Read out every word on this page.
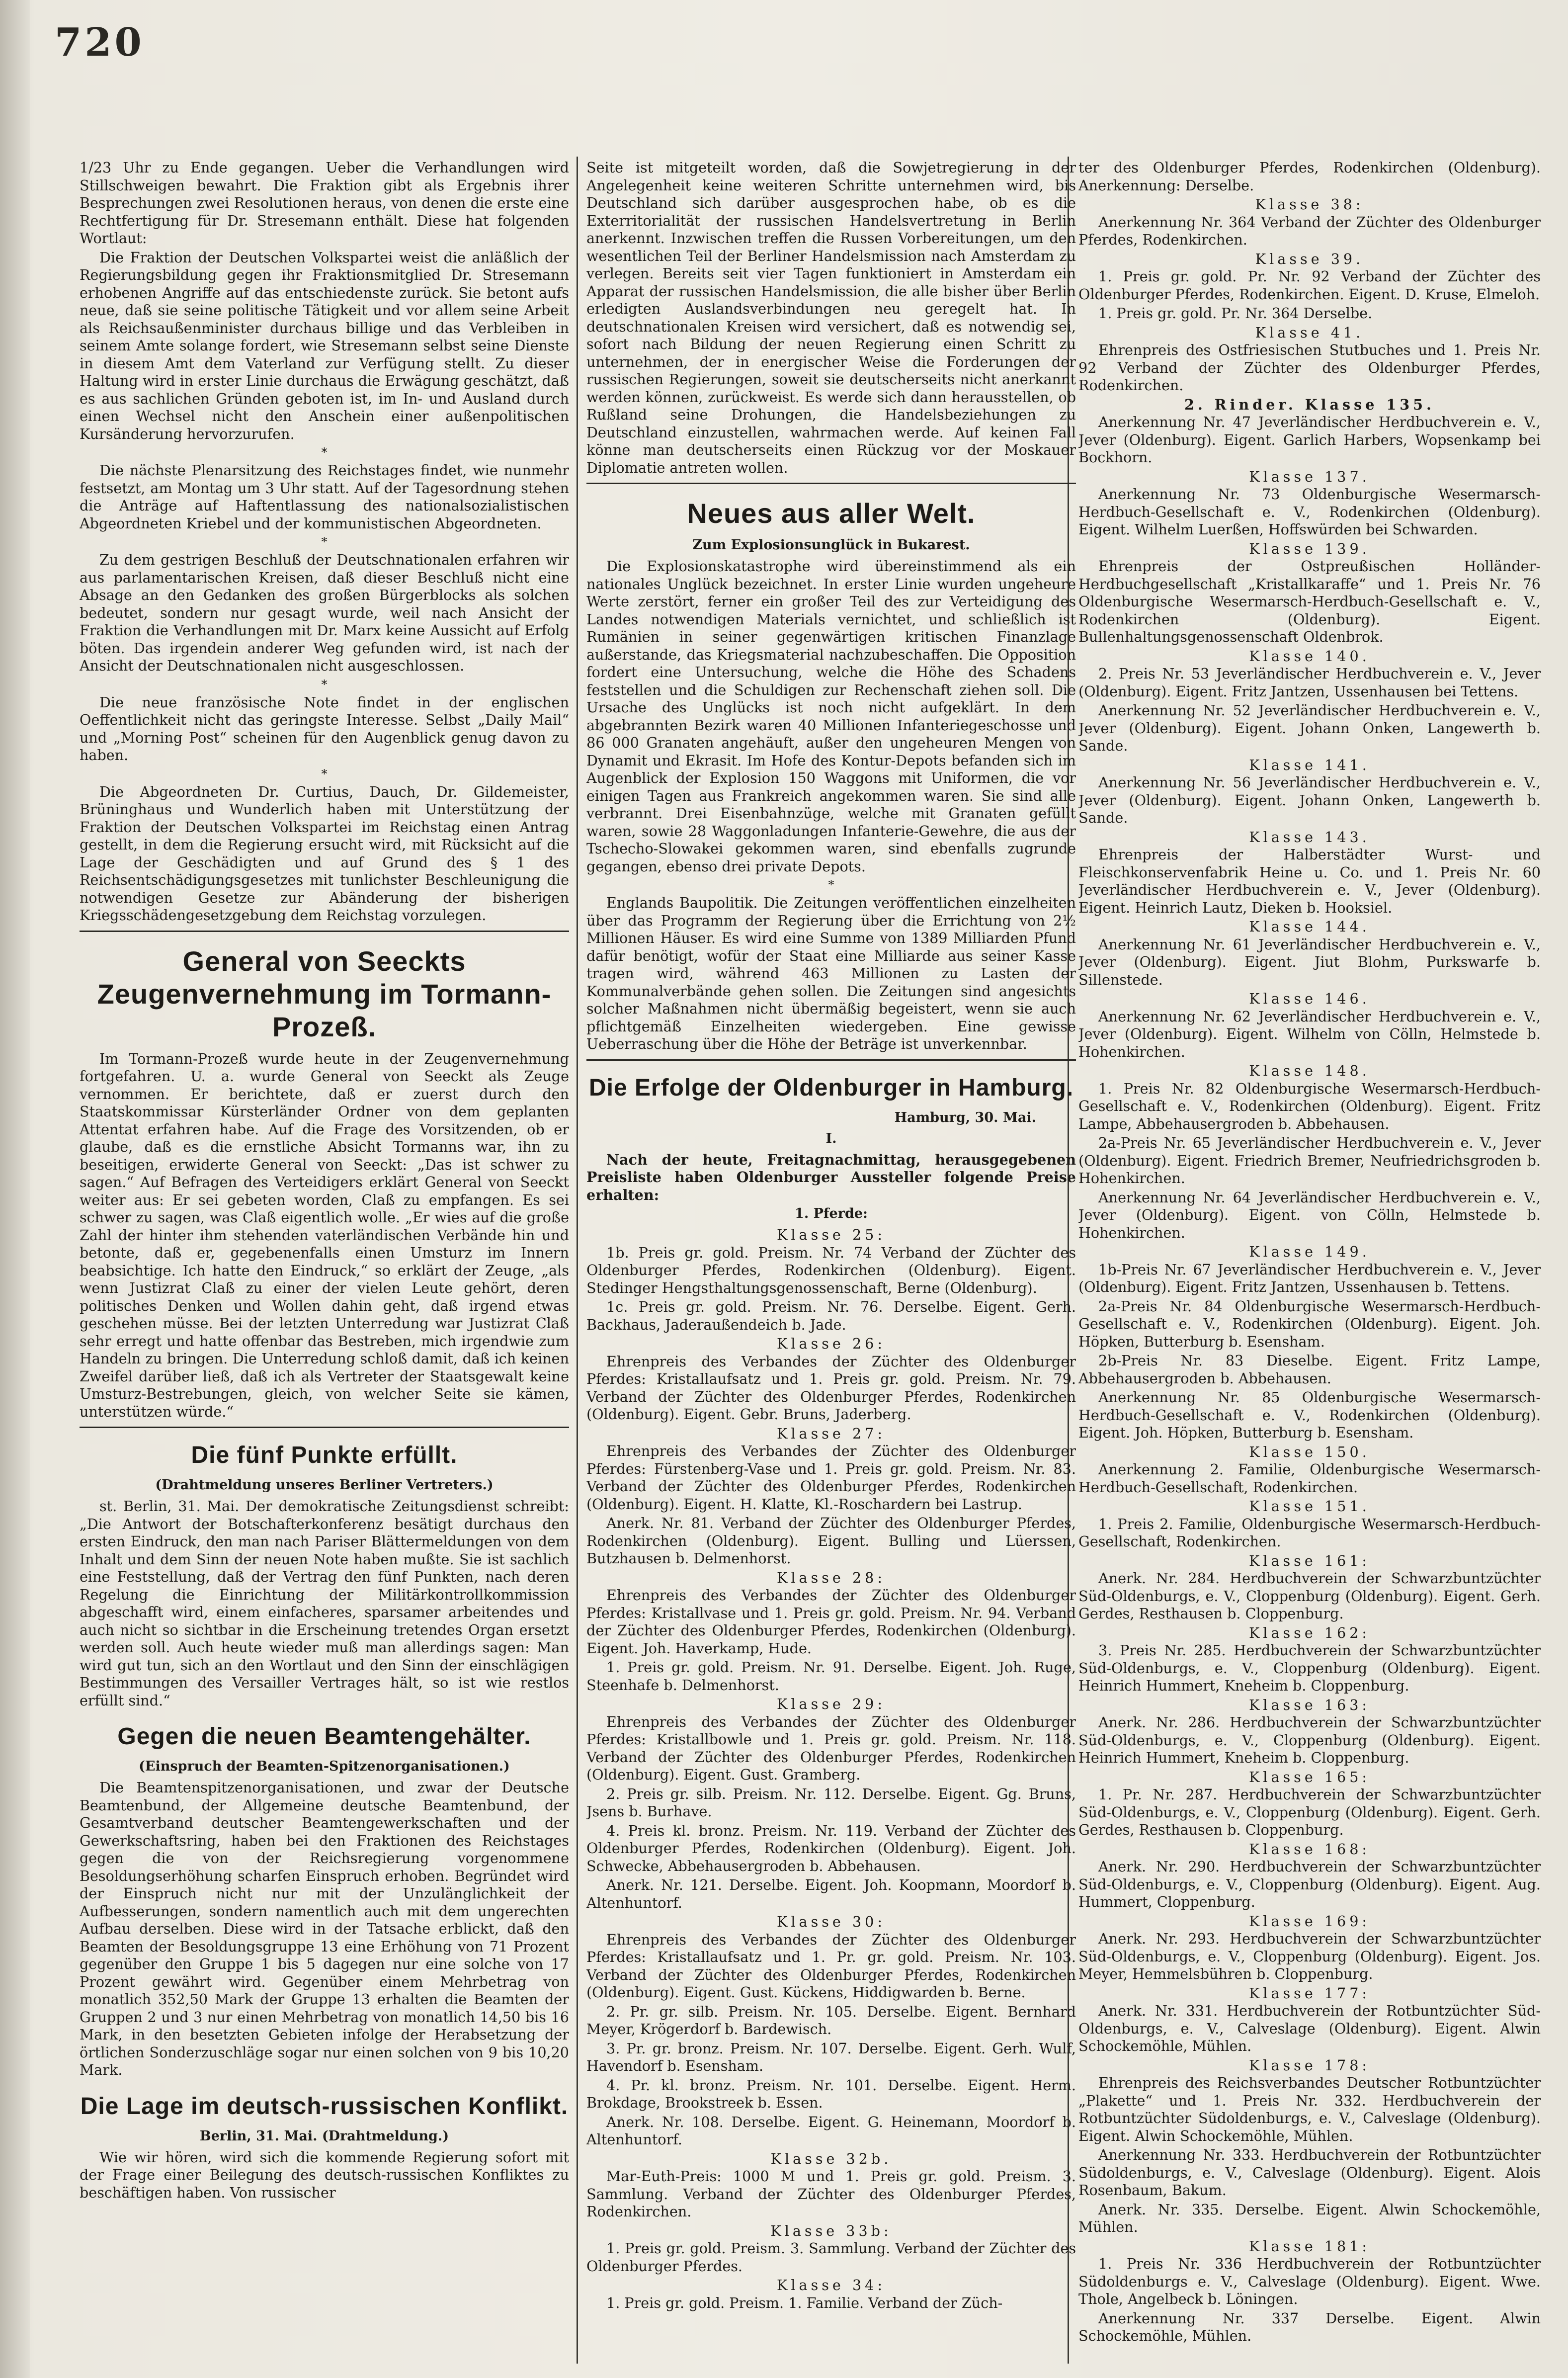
720

1/23 Uhr zu Ende gegangen. Ueber die Verhandlungen wird Stillschweigen bewahrt. Die Fraktion gibt als Ergebnis ihrer Besprechungen zwei Resolutionen heraus, von denen die erste eine Rechtfertigung für Dr. Stresemann enthält. Diese hat folgenden Wortlaut:

Die Fraktion der Deutschen Volkspartei weist die anläßlich der Regierungsbildung gegen ihr Fraktionsmitglied Dr. Stresemann erhobenen Angriffe auf das entschiedenste zurück. Sie betont aufs neue, daß sie seine politische Tätigkeit und vor allem seine Arbeit als Reichsaußenminister durchaus billige und das Verbleiben in seinem Amte solange fordert, wie Stresemann selbst seine Dienste in diesem Amt dem Vaterland zur Verfügung stellt. Zu dieser Haltung wird in erster Linie durchaus die Erwägung geschätzt, daß es aus sachlichen Gründen geboten ist, im In- und Ausland durch einen Wechsel nicht den Anschein einer außenpolitischen Kursänderung hervorzurufen.

*

Die nächste Plenarsitzung des Reichstages findet, wie nunmehr festsetzt, am Montag um 3 Uhr statt. Auf der Tagesordnung stehen die Anträge auf Haftentlassung des nationalsozialistischen Abgeordneten Kriebel und der kommunistischen Abgeordneten.

*

Zu dem gestrigen Beschluß der Deutschnationalen erfahren wir aus parlamentarischen Kreisen, daß dieser Beschluß nicht eine Absage an den Gedanken des großen Bürgerblocks als solchen bedeutet, sondern nur gesagt wurde, weil nach Ansicht der Fraktion die Verhandlungen mit Dr. Marx keine Aussicht auf Erfolg böten. Das irgendein anderer Weg gefunden wird, ist nach der Ansicht der Deutschnationalen nicht ausgeschlossen.

*

Die neue französische Note findet in der englischen Oeffentlichkeit nicht das geringste Interesse. Selbst „Daily Mail“ und „Morning Post“ scheinen für den Augenblick genug davon zu haben.

*

Die Abgeordneten Dr. Curtius, Dauch, Dr. Gildemeister, Brüninghaus und Wunderlich haben mit Unterstützung der Fraktion der Deutschen Volkspartei im Reichstag einen Antrag gestellt, in dem die Regierung ersucht wird, mit Rücksicht auf die Lage der Geschädigten und auf Grund des § 1 des Reichsentschädigungsgesetzes mit tunlichster Beschleunigung die notwendigen Gesetze zur Abänderung der bisherigen Kriegsschädengesetzgebung dem Reichstag vorzulegen.

General von Seeckts Zeugenvernehmung im Tormann-Prozeß.

Im Tormann-Prozeß wurde heute in der Zeugenvernehmung fortgefahren. U. a. wurde General von Seeckt als Zeuge vernommen. Er berichtete, daß er zuerst durch den Staatskommissar Kürsterländer Ordner von dem geplanten Attentat erfahren habe. Auf die Frage des Vorsitzenden, ob er glaube, daß es die ernstliche Absicht Tormanns war, ihn zu beseitigen, erwiderte General von Seeckt: „Das ist schwer zu sagen.“ Auf Befragen des Verteidigers erklärt General von Seeckt weiter aus: Er sei gebeten worden, Claß zu empfangen. Es sei schwer zu sagen, was Claß eigentlich wolle. „Er wies auf die große Zahl der hinter ihm stehenden vaterländischen Verbände hin und betonte, daß er, gegebenenfalls einen Umsturz im Innern beabsichtige. Ich hatte den Eindruck,“ so erklärt der Zeuge, „als wenn Justizrat Claß zu einer der vielen Leute gehört, deren politisches Denken und Wollen dahin geht, daß irgend etwas geschehen müsse. Bei der letzten Unterredung war Justizrat Claß sehr erregt und hatte offenbar das Bestreben, mich irgendwie zum Handeln zu bringen. Die Unterredung schloß damit, daß ich keinen Zweifel darüber ließ, daß ich als Vertreter der Staatsgewalt keine Umsturz-Bestrebungen, gleich, von welcher Seite sie kämen, unterstützen würde.“

Die fünf Punkte erfüllt.
(Drahtmeldung unseres Berliner Vertreters.)

st. Berlin, 31. Mai. Der demokratische Zeitungsdienst schreibt: „Die Antwort der Botschafterkonferenz besätigt durchaus den ersten Eindruck, den man nach Pariser Blättermeldungen von dem Inhalt und dem Sinn der neuen Note haben mußte. Sie ist sachlich eine Feststellung, daß der Vertrag den fünf Punkten, nach deren Regelung die Einrichtung der Militärkontrollkommission abgeschafft wird, einem einfacheres, sparsamer arbeitendes und auch nicht so sichtbar in die Erscheinung tretendes Organ ersetzt werden soll. Auch heute wieder muß man allerdings sagen: Man wird gut tun, sich an den Wortlaut und den Sinn der einschlägigen Bestimmungen des Versailler Vertrages hält, so ist wie restlos erfüllt sind.“

Gegen die neuen Beamtengehälter.
(Einspruch der Beamten-Spitzenorganisationen.)

Die Beamtenspitzenorganisationen, und zwar der Deutsche Beamtenbund, der Allgemeine deutsche Beamtenbund, der Gesamtverband deutscher Beamtengewerkschaften und der Gewerkschaftsring, haben bei den Fraktionen des Reichstages gegen die von der Reichsregierung vorgenommene Besoldungserhöhung scharfen Einspruch erhoben. Begründet wird der Einspruch nicht nur mit der Unzulänglichkeit der Aufbesserungen, sondern namentlich auch mit dem ungerechten Aufbau derselben. Diese wird in der Tatsache erblickt, daß den Beamten der Besoldungsgruppe 13 eine Erhöhung von 71 Prozent gegenüber den Gruppe 1 bis 5 dagegen nur eine solche von 17 Prozent gewährt wird. Gegenüber einem Mehrbetrag von monatlich 352,50 Mark der Gruppe 13 erhalten die Beamten der Gruppen 2 und 3 nur einen Mehrbetrag von monatlich 14,50 bis 16 Mark, in den besetzten Gebieten infolge der Herabsetzung der örtlichen Sonderzuschläge sogar nur einen solchen von 9 bis 10,20 Mark.

Die Lage im deutsch-russischen Konflikt.
Berlin, 31. Mai. (Drahtmeldung.)

Wie wir hören, wird sich die kommende Regierung sofort mit der Frage einer Beilegung des deutsch-russischen Konfliktes zu beschäftigen haben. Von russischer

Seite ist mitgeteilt worden, daß die Sowjetregierung in der Angelegenheit keine weiteren Schritte unternehmen wird, bis Deutschland sich darüber ausgesprochen habe, ob es die Exterritorialität der russischen Handelsvertretung in Berlin anerkennt. Inzwischen treffen die Russen Vorbereitungen, um den wesentlichen Teil der Berliner Handelsmission nach Amsterdam zu verlegen. Bereits seit vier Tagen funktioniert in Amsterdam ein Apparat der russischen Handelsmission, die alle bisher über Berlin erledigten Auslandsverbindungen neu geregelt hat. In deutschnationalen Kreisen wird versichert, daß es notwendig sei, sofort nach Bildung der neuen Regierung einen Schritt zu unternehmen, der in energischer Weise die Forderungen der russischen Regierungen, soweit sie deutscherseits nicht anerkannt werden können, zurückweist. Es werde sich dann herausstellen, ob Rußland seine Drohungen, die Handelsbeziehungen zu Deutschland einzustellen, wahrmachen werde. Auf keinen Fall könne man deutscherseits einen Rückzug vor der Moskauer Diplomatie antreten wollen.

Neues aus aller Welt.
Zum Explosionsunglück in Bukarest.

Die Explosionskatastrophe wird übereinstimmend als ein nationales Unglück bezeichnet. In erster Linie wurden ungeheure Werte zerstört, ferner ein großer Teil des zur Verteidigung des Landes notwendigen Materials vernichtet, und schließlich ist Rumänien in seiner gegenwärtigen kritischen Finanzlage außerstande, das Kriegsmaterial nachzubeschaffen. Die Opposition fordert eine Untersuchung, welche die Höhe des Schadens feststellen und die Schuldigen zur Rechenschaft ziehen soll. Die Ursache des Unglücks ist noch nicht aufgeklärt. In dem abgebrannten Bezirk waren 40 Millionen Infanteriegeschosse und 86 000 Granaten angehäuft, außer den ungeheuren Mengen von Dynamit und Ekrasit. Im Hofe des Kontur-Depots befanden sich im Augenblick der Explosion 150 Waggons mit Uniformen, die vor einigen Tagen aus Frankreich angekommen waren. Sie sind alle verbrannt. Drei Eisenbahnzüge, welche mit Granaten gefüllt waren, sowie 28 Waggonladungen Infanterie-Gewehre, die aus der Tschecho-Slowakei gekommen waren, sind ebenfalls zugrunde gegangen, ebenso drei private Depots.

*

Englands Baupolitik. Die Zeitungen veröffentlichen einzelheiten über das Programm der Regierung über die Errichtung von 2½ Millionen Häuser. Es wird eine Summe von 1389 Milliarden Pfund dafür benötigt, wofür der Staat eine Milliarde aus seiner Kasse tragen wird, während 463 Millionen zu Lasten der Kommunalverbände gehen sollen. Die Zeitungen sind angesichts solcher Maßnahmen nicht übermäßig begeistert, wenn sie auch pflichtgemäß Einzelheiten wiedergeben. Eine gewisse Ueberraschung über die Höhe der Beträge ist unverkennbar.

Die Erfolge der Oldenburger in Hamburg.
Hamburg, 30. Mai.
I.

Nach der heute, Freitagnachmittag, herausgegebenen Preisliste haben Oldenburger Aussteller folgende Preise erhalten:

1. Pferde:
Klasse 25:

1b. Preis gr. gold. Preism. Nr. 74 Verband der Züchter des Oldenburger Pferdes, Rodenkirchen (Oldenburg). Eigent. Stedinger Hengsthaltungsgenossenschaft, Berne (Oldenburg).

1c. Preis gr. gold. Preism. Nr. 76. Derselbe. Eigent. Gerh. Backhaus, Jaderaußendeich b. Jade.

Klasse 26:

Ehrenpreis des Verbandes der Züchter des Oldenburger Pferdes: Kristallaufsatz und 1. Preis gr. gold. Preism. Nr. 79. Verband der Züchter des Oldenburger Pferdes, Rodenkirchen (Oldenburg). Eigent. Gebr. Bruns, Jaderberg.

Klasse 27:

Ehrenpreis des Verbandes der Züchter des Oldenburger Pferdes: Fürstenberg-Vase und 1. Preis gr. gold. Preism. Nr. 83. Verband der Züchter des Oldenburger Pferdes, Rodenkirchen (Oldenburg). Eigent. H. Klatte, Kl.-Roschardern bei Lastrup.

Anerk. Nr. 81. Verband der Züchter des Oldenburger Pferdes, Rodenkirchen (Oldenburg). Eigent. Bulling und Lüerssen, Butzhausen b. Delmenhorst.

Klasse 28:

Ehrenpreis des Verbandes der Züchter des Oldenburger Pferdes: Kristallvase und 1. Preis gr. gold. Preism. Nr. 94. Verband der Züchter des Oldenburger Pferdes, Rodenkirchen (Oldenburg). Eigent. Joh. Haverkamp, Hude.

1. Preis gr. gold. Preism. Nr. 91. Derselbe. Eigent. Joh. Ruge, Steenhafe b. Delmenhorst.

Klasse 29:

Ehrenpreis des Verbandes der Züchter des Oldenburger Pferdes: Kristallbowle und 1. Preis gr. gold. Preism. Nr. 118. Verband der Züchter des Oldenburger Pferdes, Rodenkirchen (Oldenburg). Eigent. Gust. Gramberg.

2. Preis gr. silb. Preism. Nr. 112. Derselbe. Eigent. Gg. Bruns, Jsens b. Burhave.

4. Preis kl. bronz. Preism. Nr. 119. Verband der Züchter des Oldenburger Pferdes, Rodenkirchen (Oldenburg). Eigent. Joh. Schwecke, Abbehausergroden b. Abbehausen.

Anerk. Nr. 121. Derselbe. Eigent. Joh. Koopmann, Moordorf b. Altenhuntorf.

Klasse 30:

Ehrenpreis des Verbandes der Züchter des Oldenburger Pferdes: Kristallaufsatz und 1. Pr. gr. gold. Preism. Nr. 103. Verband der Züchter des Oldenburger Pferdes, Rodenkirchen (Oldenburg). Eigent. Gust. Kückens, Hiddigwarden b. Berne.

2. Pr. gr. silb. Preism. Nr. 105. Derselbe. Eigent. Bernhard Meyer, Krögerdorf b. Bardewisch.

3. Pr. gr. bronz. Preism. Nr. 107. Derselbe. Eigent. Gerh. Wulf, Havendorf b. Esensham.

4. Pr. kl. bronz. Preism. Nr. 101. Derselbe. Eigent. Herm. Brokdage, Brookstreek b. Essen.

Anerk. Nr. 108. Derselbe. Eigent. G. Heinemann, Moordorf b. Altenhuntorf.

Klasse 32b.

Mar-Euth-Preis: 1000 M und 1. Preis gr. gold. Preism. 3. Sammlung. Verband der Züchter des Oldenburger Pferdes, Rodenkirchen.

Klasse 33b:

1. Preis gr. gold. Preism. 3. Sammlung. Verband der Züchter des Oldenburger Pferdes.

Klasse 34:

1. Preis gr. gold. Preism. 1. Familie. Verband der Züch-

ter des Oldenburger Pferdes, Rodenkirchen (Oldenburg). Anerkennung: Derselbe.

Klasse 38:

Anerkennung Nr. 364 Verband der Züchter des Oldenburger Pferdes, Rodenkirchen.

Klasse 39.

1. Preis gr. gold. Pr. Nr. 92 Verband der Züchter des Oldenburger Pferdes, Rodenkirchen. Eigent. D. Kruse, Elmeloh.

1. Preis gr. gold. Pr. Nr. 364 Derselbe.

Klasse 41.

Ehrenpreis des Ostfriesischen Stutbuches und 1. Preis Nr. 92 Verband der Züchter des Oldenburger Pferdes, Rodenkirchen.

2. Rinder. Klasse 135.

Anerkennung Nr. 47 Jeverländischer Herdbuchverein e. V., Jever (Oldenburg). Eigent. Garlich Harbers, Wopsenkamp bei Bockhorn.

Klasse 137.

Anerkennung Nr. 73 Oldenburgische Wesermarsch-Herdbuch-Gesellschaft e. V., Rodenkirchen (Oldenburg). Eigent. Wilhelm Luerßen, Hoffswürden bei Schwarden.

Klasse 139.

Ehrenpreis der Ostpreußischen Holländer-Herdbuchgesellschaft „Kristallkaraffe“ und 1. Preis Nr. 76 Oldenburgische Wesermarsch-Herdbuch-Gesellschaft e. V., Rodenkirchen (Oldenburg). Eigent. Bullenhaltungsgenossenschaft Oldenbrok.

Klasse 140.

2. Preis Nr. 53 Jeverländischer Herdbuchverein e. V., Jever (Oldenburg). Eigent. Fritz Jantzen, Ussenhausen bei Tettens.

Anerkennung Nr. 52 Jeverländischer Herdbuchverein e. V., Jever (Oldenburg). Eigent. Johann Onken, Langewerth b. Sande.

Klasse 141.

Anerkennung Nr. 56 Jeverländischer Herdbuchverein e. V., Jever (Oldenburg). Eigent. Johann Onken, Langewerth b. Sande.

Klasse 143.

Ehrenpreis der Halberstädter Wurst- und Fleischkonservenfabrik Heine u. Co. und 1. Preis Nr. 60 Jeverländischer Herdbuchverein e. V., Jever (Oldenburg). Eigent. Heinrich Lautz, Dieken b. Hooksiel.

Klasse 144.

Anerkennung Nr. 61 Jeverländischer Herdbuchverein e. V., Jever (Oldenburg). Eigent. Jiut Blohm, Purkswarfe b. Sillenstede.

Klasse 146.

Anerkennung Nr. 62 Jeverländischer Herdbuchverein e. V., Jever (Oldenburg). Eigent. Wilhelm von Cölln, Helmstede b. Hohenkirchen.

Klasse 148.

1. Preis Nr. 82 Oldenburgische Wesermarsch-Herdbuch-Gesellschaft e. V., Rodenkirchen (Oldenburg). Eigent. Fritz Lampe, Abbehausergroden b. Abbehausen.

2a-Preis Nr. 65 Jeverländischer Herdbuchverein e. V., Jever (Oldenburg). Eigent. Friedrich Bremer, Neufriedrichsgroden b. Hohenkirchen.

Anerkennung Nr. 64 Jeverländischer Herdbuchverein e. V., Jever (Oldenburg). Eigent. von Cölln, Helmstede b. Hohenkirchen.

Klasse 149.

1b-Preis Nr. 67 Jeverländischer Herdbuchverein e. V., Jever (Oldenburg). Eigent. Fritz Jantzen, Ussenhausen b. Tettens.

2a-Preis Nr. 84 Oldenburgische Wesermarsch-Herdbuch-Gesellschaft e. V., Rodenkirchen (Oldenburg). Eigent. Joh. Höpken, Butterburg b. Esensham.

2b-Preis Nr. 83 Dieselbe. Eigent. Fritz Lampe, Abbehausergroden b. Abbehausen.

Anerkennung Nr. 85 Oldenburgische Wesermarsch-Herdbuch-Gesellschaft e. V., Rodenkirchen (Oldenburg). Eigent. Joh. Höpken, Butterburg b. Esensham.

Klasse 150.

Anerkennung 2. Familie, Oldenburgische Wesermarsch-Herdbuch-Gesellschaft, Rodenkirchen.

Klasse 151.

1. Preis 2. Familie, Oldenburgische Wesermarsch-Herdbuch-Gesellschaft, Rodenkirchen.

Klasse 161:

Anerk. Nr. 284. Herdbuchverein der Schwarzbuntzüchter Süd-Oldenburgs, e. V., Cloppenburg (Oldenburg). Eigent. Gerh. Gerdes, Resthausen b. Cloppenburg.

Klasse 162:

3. Preis Nr. 285. Herdbuchverein der Schwarzbuntzüchter Süd-Oldenburgs, e. V., Cloppenburg (Oldenburg). Eigent. Heinrich Hummert, Kneheim b. Cloppenburg.

Klasse 163:

Anerk. Nr. 286. Herdbuchverein der Schwarzbuntzüchter Süd-Oldenburgs, e. V., Cloppenburg (Oldenburg). Eigent. Heinrich Hummert, Kneheim b. Cloppenburg.

Klasse 165:

1. Pr. Nr. 287. Herdbuchverein der Schwarzbuntzüchter Süd-Oldenburgs, e. V., Cloppenburg (Oldenburg). Eigent. Gerh. Gerdes, Resthausen b. Cloppenburg.

Klasse 168:

Anerk. Nr. 290. Herdbuchverein der Schwarzbuntzüchter Süd-Oldenburgs, e. V., Cloppenburg (Oldenburg). Eigent. Aug. Hummert, Cloppenburg.

Klasse 169:

Anerk. Nr. 293. Herdbuchverein der Schwarzbuntzüchter Süd-Oldenburgs, e. V., Cloppenburg (Oldenburg). Eigent. Jos. Meyer, Hemmelsbühren b. Cloppenburg.

Klasse 177:

Anerk. Nr. 331. Herdbuchverein der Rotbuntzüchter Süd-Oldenburgs, e. V., Calveslage (Oldenburg). Eigent. Alwin Schockemöhle, Mühlen.

Klasse 178:

Ehrenpreis des Reichsverbandes Deutscher Rotbuntzüchter „Plakette“ und 1. Preis Nr. 332. Herdbuchverein der Rotbuntzüchter Südoldenburgs, e. V., Calveslage (Oldenburg). Eigent. Alwin Schockemöhle, Mühlen.

Anerkennung Nr. 333. Herdbuchverein der Rotbuntzüchter Südoldenburgs, e. V., Calveslage (Oldenburg). Eigent. Alois Rosenbaum, Bakum.

Anerk. Nr. 335. Derselbe. Eigent. Alwin Schockemöhle, Mühlen.

Klasse 181:

1. Preis Nr. 336 Herdbuchverein der Rotbuntzüchter Südoldenburgs e. V., Calveslage (Oldenburg). Eigent. Wwe. Thole, Angelbeck b. Löningen.

Anerkennung Nr. 337 Derselbe. Eigent. Alwin Schockemöhle, Mühlen.
